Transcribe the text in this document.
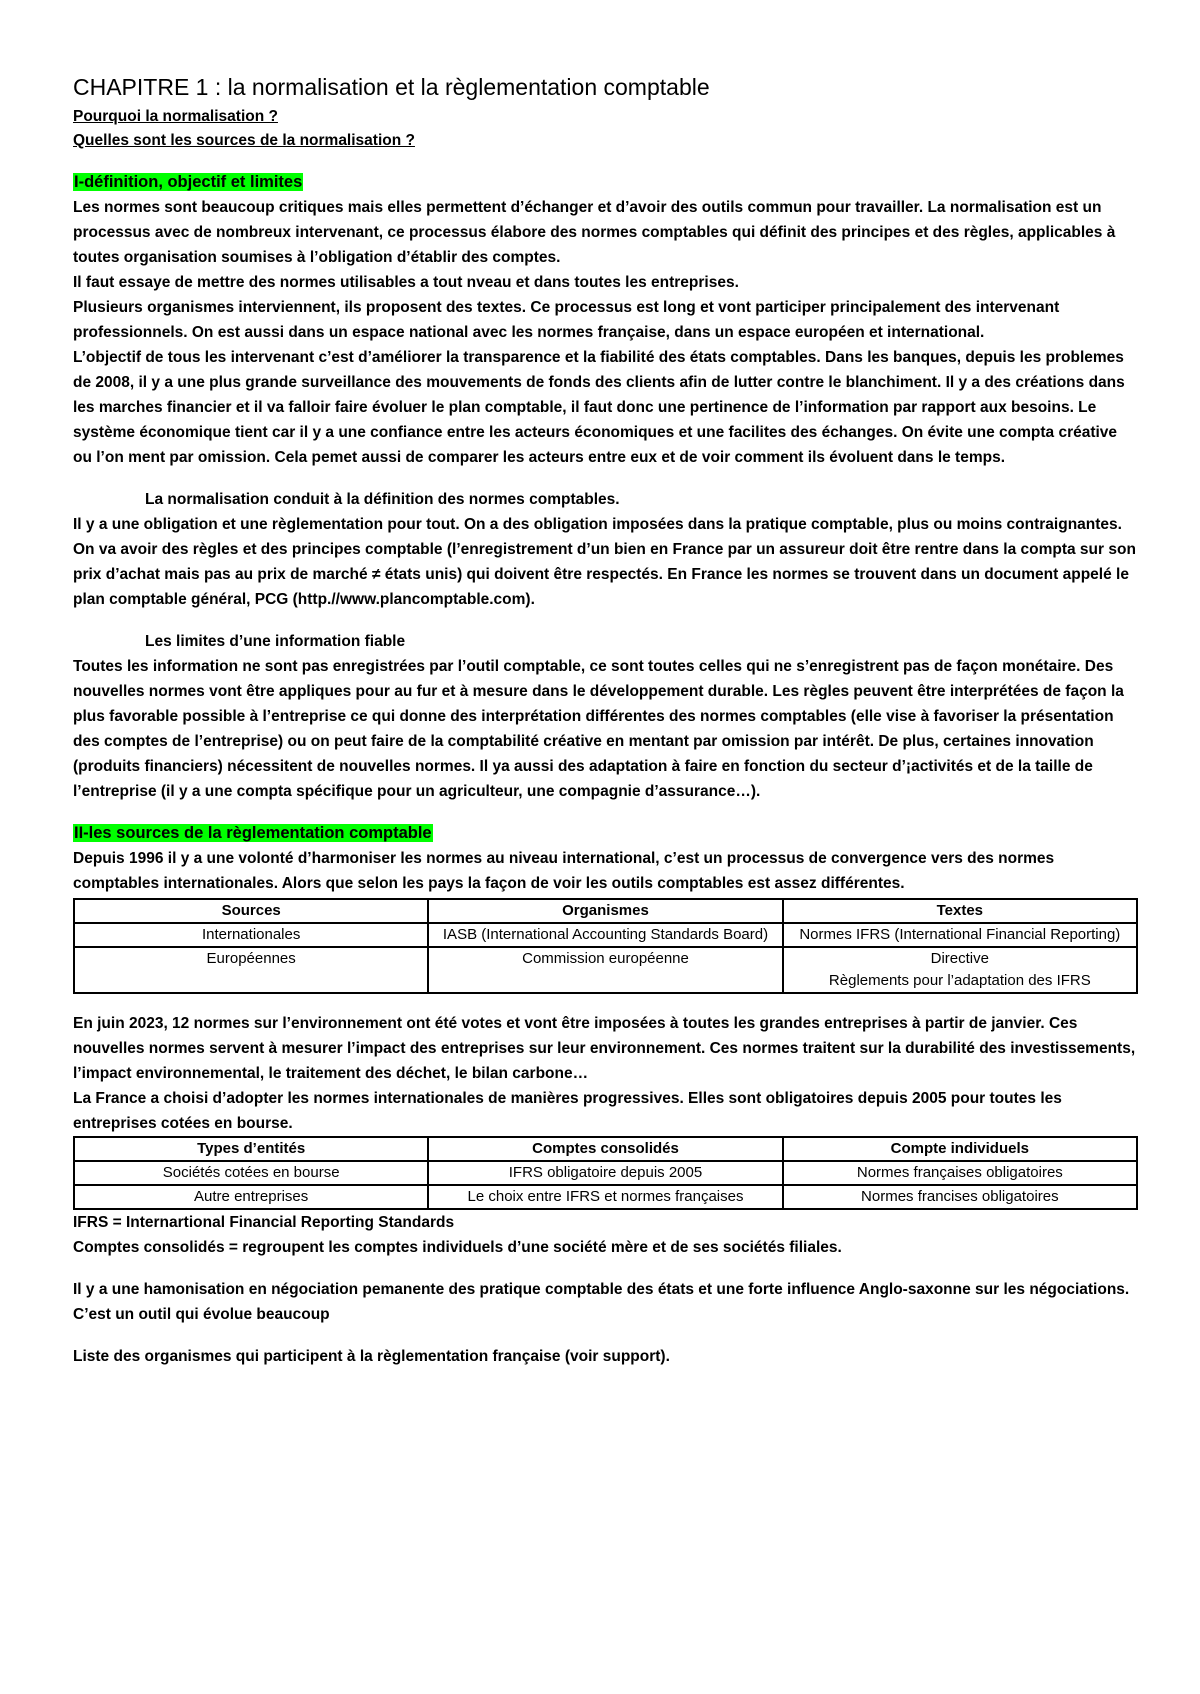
CHAPITRE 1 : la normalisation et la règlementation comptable

Pourquoi la normalisation ?

Quelles sont les sources de la normalisation ?

I-définition, objectif et limites

Les normes sont beaucoup critiques mais elles permettent d’échanger et d’avoir des outils commun pour travailler. La normalisation est un processus avec de nombreux intervenant, ce processus élabore des normes comptables qui définit des principes et des règles, applicables à toutes organisation soumises à l’obligation d’établir des comptes.

Il faut essaye de mettre des normes utilisables a tout nveau et dans toutes les entreprises.

Plusieurs organismes interviennent, ils proposent des textes. Ce processus est long et vont participer principalement des intervenant professionnels. On est aussi dans un espace national avec les normes française, dans un espace européen et international.

L’objectif de tous les intervenant c’est d’améliorer la transparence et la fiabilité des états comptables. Dans les banques, depuis les problemes de 2008, il y a une plus grande surveillance des mouvements de fonds des clients afin de lutter contre le blanchiment. Il y a des créations dans les marches financier et il va falloir faire évoluer le plan comptable, il faut donc une pertinence de l’information par rapport aux besoins. Le système économique tient car il y a une confiance entre les acteurs économiques et une facilites des échanges. On évite une compta créative ou l’on ment par omission. Cela pemet aussi de comparer les acteurs entre eux et de voir comment ils évoluent dans le temps.

La normalisation conduit à la définition des normes comptables.

Il y a une obligation et une règlementation pour tout. On a des obligation imposées dans la pratique comptable, plus ou moins contraignantes. On va avoir des règles et des principes comptable (l’enregistrement d’un bien en France par un assureur doit être rentre dans la compta sur son prix d’achat mais pas au prix de marché ≠ états unis) qui doivent être respectés. En France les normes se trouvent dans un document appelé le plan comptable général, PCG (http.//www.plancomptable.com).

Les limites d’une information fiable

Toutes les information ne sont pas enregistrées par l’outil comptable, ce sont toutes celles qui ne s’enregistrent pas de façon monétaire. Des nouvelles normes vont être appliques pour au fur et à mesure dans le développement durable. Les règles peuvent être interprétées de façon la plus favorable possible à l’entreprise ce qui donne des interprétation différentes des normes comptables (elle vise à favoriser la présentation des comptes de l’entreprise) ou on peut faire de la comptabilité créative en mentant par omission par intérêt. De plus, certaines innovation (produits financiers) nécessitent de nouvelles normes. Il ya aussi des adaptation à faire en fonction du secteur d’¡activités et de la taille de l’entreprise (il y a une compta spécifique pour un agriculteur, une compagnie d’assurance…).

II-les sources de la règlementation comptable

Depuis 1996 il y a une volonté d’harmoniser les normes au niveau international, c’est un processus de convergence vers des normes comptables internationales. Alors que selon les pays la façon de voir les outils comptables est assez différentes.

Sources	Organismes	Textes
Internationales	IASB (International Accounting Standards Board)	Normes IFRS (International Financial Reporting)
Européennes	Commission européenne	Directive
Règlements pour l’adaptation des IFRS

En juin 2023, 12 normes sur l’environnement ont été votes et vont être imposées à toutes les grandes entreprises à partir de janvier. Ces nouvelles normes servent à mesurer l’impact des entreprises sur leur environnement. Ces normes traitent sur la durabilité des investissements, l’impact environnemental, le traitement des déchet, le bilan carbone…

La France a choisi d’adopter les normes internationales de manières progressives. Elles sont obligatoires depuis 2005 pour toutes les entreprises cotées en bourse.

Types d’entités	Comptes consolidés	Compte individuels
Sociétés cotées en bourse	IFRS obligatoire depuis 2005	Normes françaises obligatoires
Autre entreprises	Le choix entre IFRS et normes françaises	Normes francises obligatoires

IFRS = Internartional Financial Reporting Standards

Comptes consolidés = regroupent les comptes individuels d’une société mère et de ses sociétés filiales.

Il y a une hamonisation en négociation pemanente des pratique comptable des états et une forte influence Anglo-saxonne sur les négociations. C’est un outil qui évolue beaucoup

Liste des organismes qui participent à la règlementation française (voir support).
